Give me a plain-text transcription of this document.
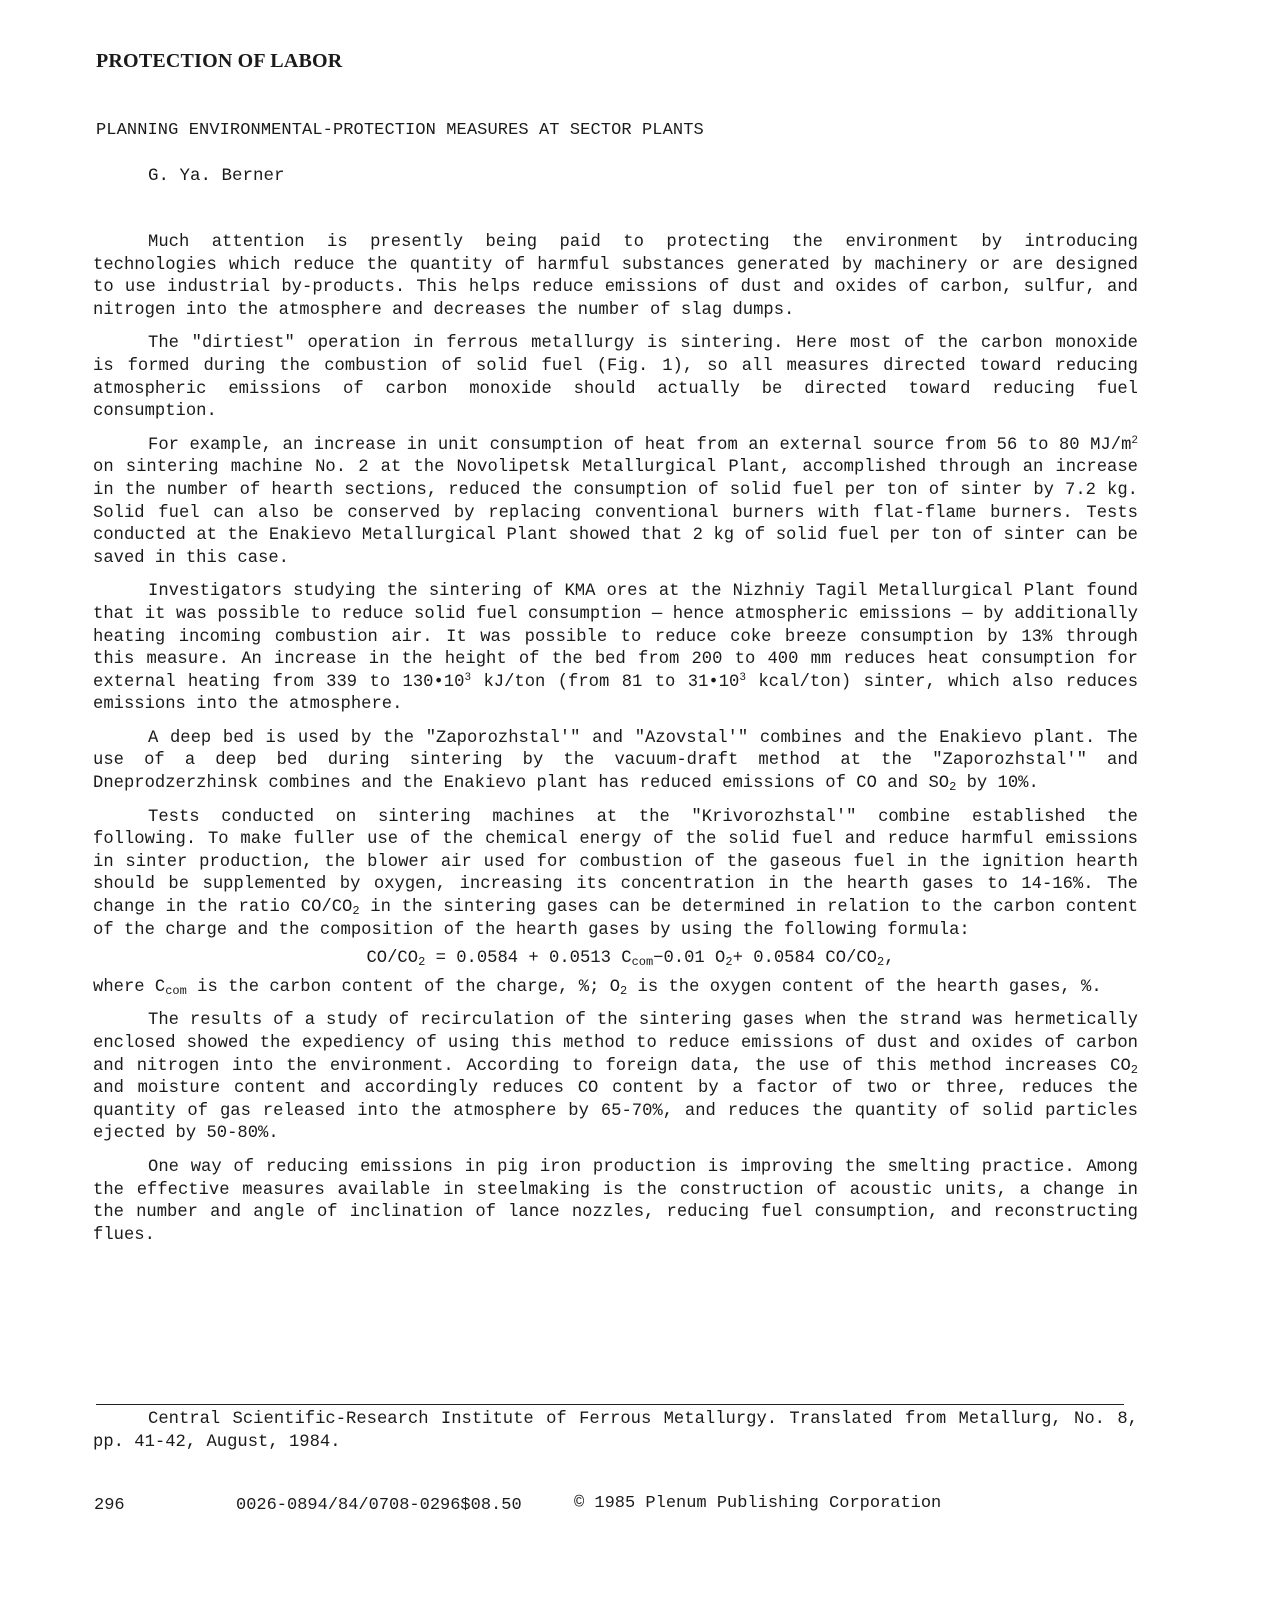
PROTECTION OF LABOR
PLANNING ENVIRONMENTAL-PROTECTION MEASURES AT SECTOR PLANTS
G. Ya. Berner

Much attention is presently being paid to protecting the environment by introducing technologies which reduce the quantity of harmful substances generated by machinery or are designed to use industrial by-products. This helps reduce emissions of dust and oxides of carbon, sulfur, and nitrogen into the atmosphere and decreases the number of slag dumps.

The "dirtiest" operation in ferrous metallurgy is sintering. Here most of the carbon monoxide is formed during the combustion of solid fuel (Fig. 1), so all measures directed toward reducing atmospheric emissions of carbon monoxide should actually be directed toward reducing fuel consumption.

For example, an increase in unit consumption of heat from an external source from 56 to 80 $MJ/m^2$ on sintering machine No. 2 at the Novolipetsk Metallurgical Plant, accomplished through an increase in the number of hearth sections, reduced the consumption of solid fuel per ton of sinter by 7.2 kg. Solid fuel can also be conserved by replacing conventional burners with flat-flame burners. Tests conducted at the Enakievo Metallurgical Plant showed that 2 kg of solid fuel per ton of sinter can be saved in this case.

Investigators studying the sintering of KMA ores at the Nizhniy Tagil Metallurgical Plant found that it was possible to reduce solid fuel consumption — hence atmospheric emissions — by additionally heating incoming combustion air. It was possible to reduce coke breeze consumption by 13% through this measure. An increase in the height of the bed from 200 to 400 mm reduces heat consumption for external heating from 339 to $130•10^3$ kJ/ton (from 81 to $31•10^3$ kcal/ton) sinter, which also reduces emissions into the atmosphere.

A deep bed is used by the "Zaporozhstal'" and "Azovstal'" combines and the Enakievo plant. The use of a deep bed during sintering by the vacuum-draft method at the "Zaporozhstal'" and Dneprodzerzhinsk combines and the Enakievo plant has reduced emissions of CO and $SO_2$ by 10%.

Tests conducted on sintering machines at the "Krivorozhstal'" combine established the following. To make fuller use of the chemical energy of the solid fuel and reduce harmful emissions in sinter production, the blower air used for combustion of the gaseous fuel in the ignition hearth should be supplemented by oxygen, increasing its concentration in the hearth gases to 14-16%. The change in the ratio $CO/CO_2$ in the sintering gases can be determined in relation to the carbon content of the charge and the composition of the hearth gases by using the following formula:

$CO/CO_2 = 0.0584 + 0.0513$ $C_{com}-0.01$ $O_2+ 0.0584$ $CO/CO_2$,

where $C_{com}$ is the carbon content of the charge, %; $O_2$ is the oxygen content of the hearth gases, %.

The results of a study of recirculation of the sintering gases when the strand was hermetically enclosed showed the expediency of using this method to reduce emissions of dust and oxides of carbon and nitrogen into the environment. According to foreign data, the use of this method increases $CO_2$ and moisture content and accordingly reduces CO content by a factor of two or three, reduces the quantity of gas released into the atmosphere by 65-70%, and reduces the quantity of solid particles ejected by 50-80%.

One way of reducing emissions in pig iron production is improving the smelting practice. Among the effective measures available in steelmaking is the construction of acoustic units, a change in the number and angle of inclination of lance nozzles, reducing fuel consumption, and reconstructing flues.

Central Scientific-Research Institute of Ferrous Metallurgy. Translated from Metallurg, No. 8, pp. 41-42, August, 1984.
296	0026-0894/84/0708-0296$08.50	© 1985 Plenum Publishing Corporation
